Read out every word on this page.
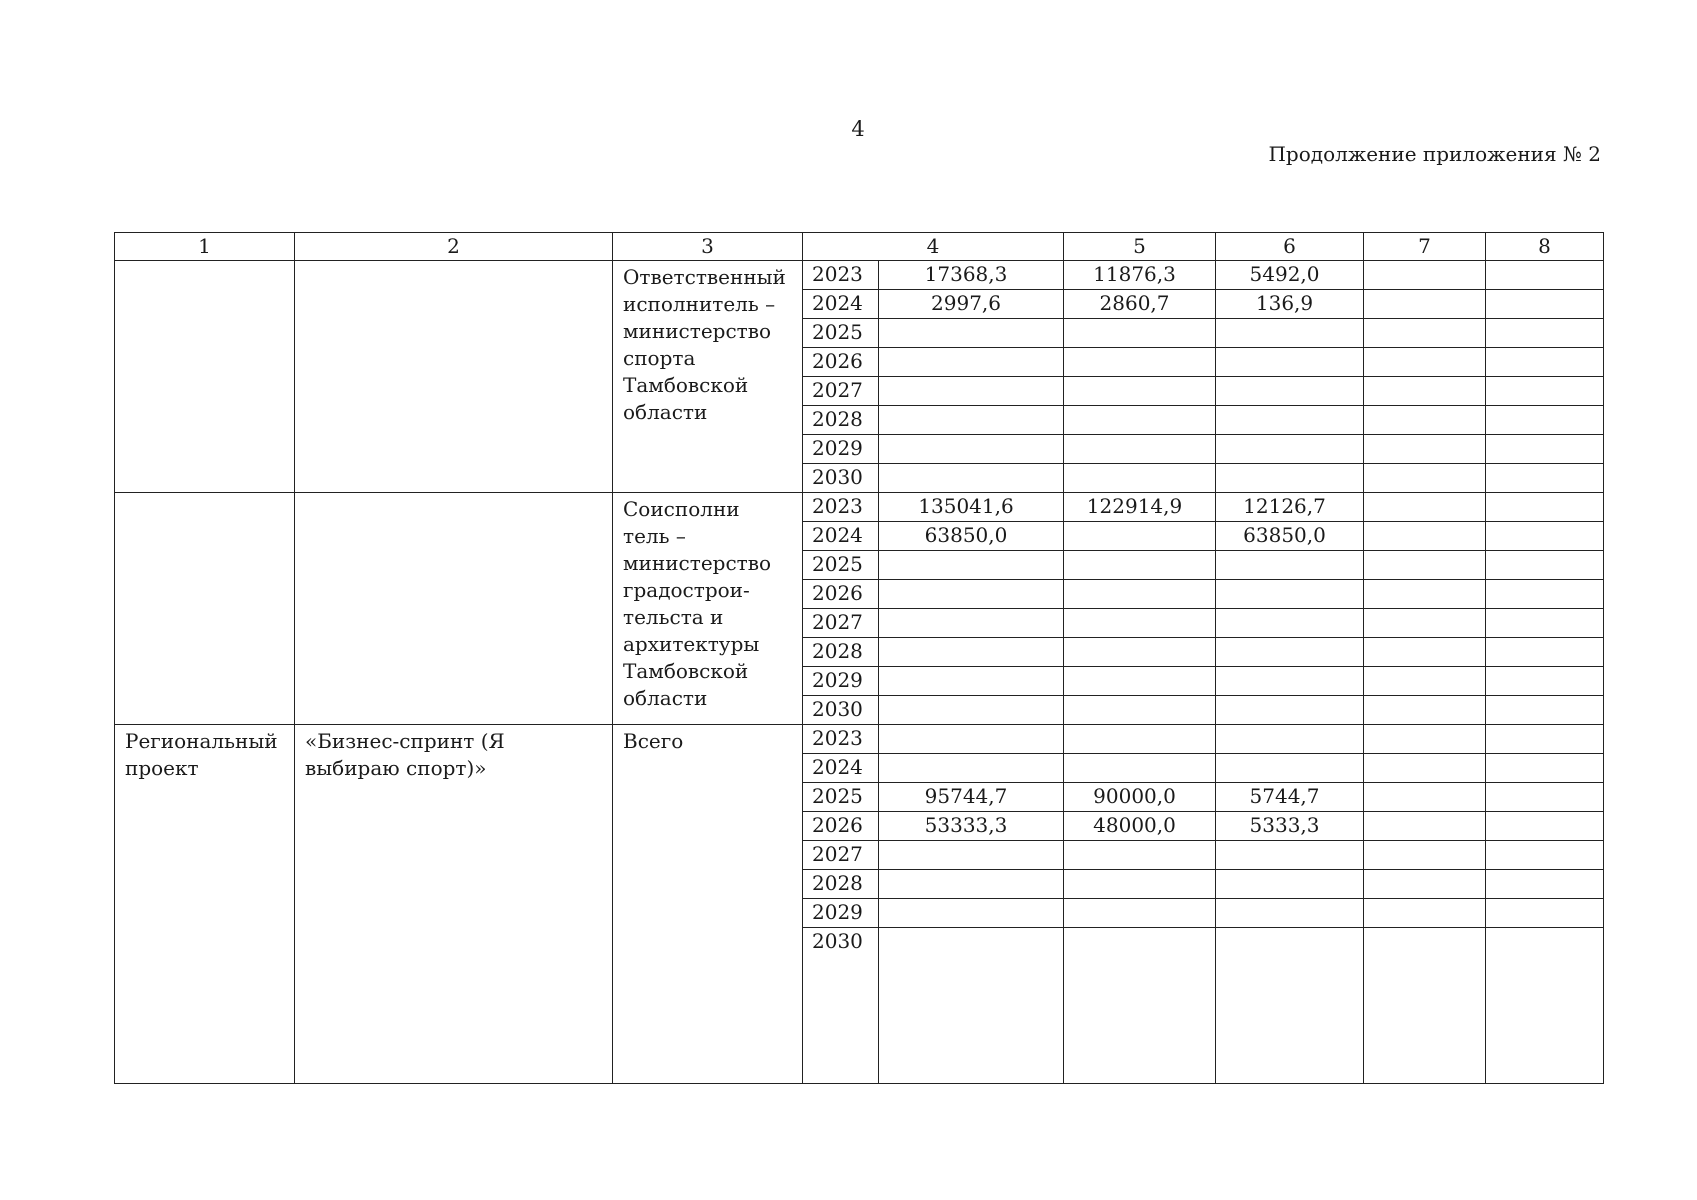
4
Продолжение приложения № 2
1	2	3	4		5	6	7	8
		Ответственный исполнитель – министерство спорта Тамбовской области	2023	17368,3	11876,3	5492,0		
			2024	2997,6	2860,7	136,9		
			2025					
			2026					
			2027					
			2028					
			2029					
			2030					
		Соисполни тель – министерство градострои-тельста и архитектуры Тамбовской области	2023	135041,6	122914,9	12126,7		
			2024	63850,0		63850,0		
			2025					
			2026					
			2027					
			2028					
			2029					
			2030					
Региональный проект	«Бизнес-спринт (Я выбираю спорт)»	Всего	2023					
			2024					
			2025	95744,7	90000,0	5744,7		
			2026	53333,3	48000,0	5333,3		
			2027					
			2028					
			2029					
			2030					
